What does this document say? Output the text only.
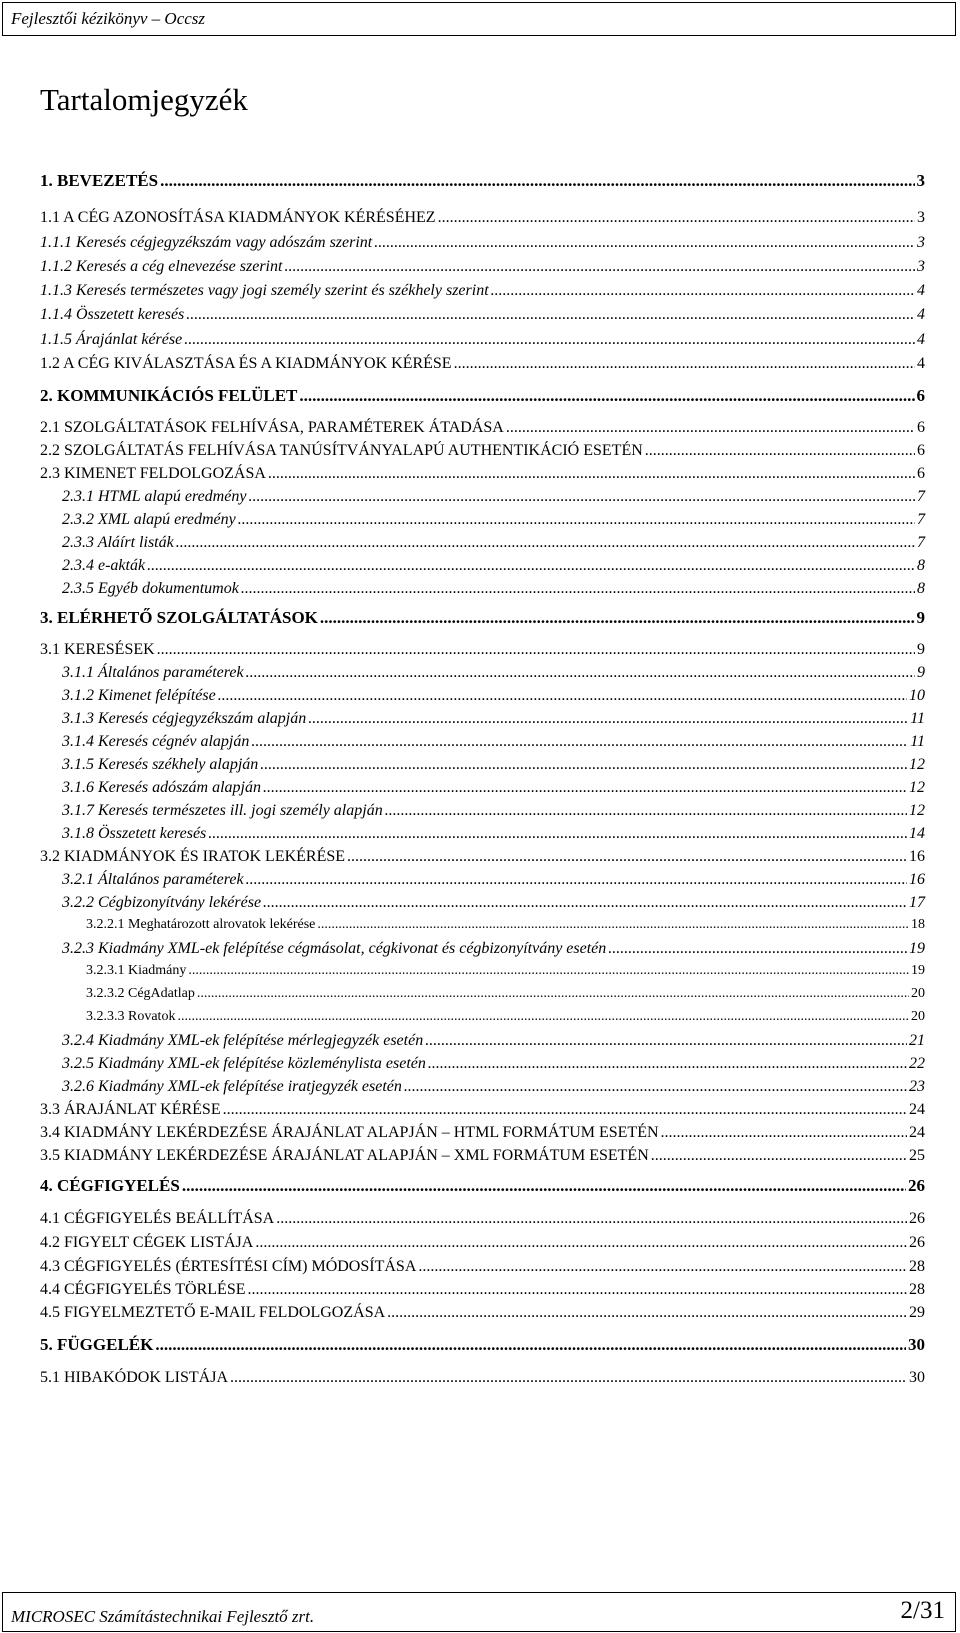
Fejlesztői kézikönyv – Occsz
Tartalomjegyzék
1. BEVEZETÉS .....	3
1.1 A CÉG AZONOSÍTÁSA KIADMÁNYOK KÉRÉSÉHEZ .....	3
1.1.1 Keresés cégjegyzékszám vagy adószám szerint .....	3
1.1.2 Keresés a cég elnevezése szerint .....	3
1.1.3 Keresés természetes vagy jogi személy szerint és székhely szerint .....	4
1.1.4 Összetett keresés .....	4
1.1.5 Árajánlat kérése .....	4
1.2 A CÉG KIVÁLASZTÁSA ÉS A KIADMÁNYOK KÉRÉSE .....	4
2. KOMMUNIKÁCIÓS FELÜLET .....	6
2.1 SZOLGÁLTATÁSOK FELHÍVÁSA, PARAMÉTEREK ÁTADÁSA .....	6
2.2 SZOLGÁLTATÁS FELHÍVÁSA TANÚSÍTVÁNYALAPÚ AUTHENTIKÁCIÓ ESETÉN .....	6
2.3 KIMENET FELDOLGOZÁSA .....	6
2.3.1 HTML alapú eredmény .....	7
2.3.2 XML alapú eredmény .....	7
2.3.3 Aláírt listák .....	7
2.3.4 e-akták .....	8
2.3.5 Egyéb dokumentumok .....	8
3. ELÉRHETŐ SZOLGÁLTATÁSOK .....	9
3.1 KERESÉSEK .....	9
3.1.1 Általános paraméterek .....	9
3.1.2 Kimenet felépítése .....	10
3.1.3 Keresés cégjegyzékszám alapján .....	11
3.1.4 Keresés cégnév alapján .....	11
3.1.5 Keresés székhely alapján .....	12
3.1.6 Keresés adószám alapján .....	12
3.1.7 Keresés természetes ill. jogi személy alapján .....	12
3.1.8 Összetett keresés .....	14
3.2 KIADMÁNYOK ÉS IRATOK LEKÉRÉSE .....	16
3.2.1 Általános paraméterek .....	16
3.2.2 Cégbizonyítvány lekérése .....	17
3.2.2.1 Meghatározott alrovatok lekérése .....	18
3.2.3 Kiadmány XML-ek felépítése cégmásolat, cégkivonat és cégbizonyítvány esetén .....	19
3.2.3.1 Kiadmány .....	19
3.2.3.2 CégAdatlap .....	20
3.2.3.3 Rovatok .....	20
3.2.4 Kiadmány XML-ek felépítése mérlegjegyzék esetén .....	21
3.2.5 Kiadmány XML-ek felépítése közleménylista esetén .....	22
3.2.6 Kiadmány XML-ek felépítése iratjegyzék esetén .....	23
3.3 ÁRAJÁNLAT KÉRÉSE .....	24
3.4 KIADMÁNY LEKÉRDEZÉSE ÁRAJÁNLAT ALAPJÁN – HTML FORMÁTUM ESETÉN .....	24
3.5 KIADMÁNY LEKÉRDEZÉSE ÁRAJÁNLAT ALAPJÁN – XML FORMÁTUM ESETÉN .....	25
4. CÉGFIGYELÉS .....	26
4.1 CÉGFIGYELÉS BEÁLLÍTÁSA .....	26
4.2 FIGYELT CÉGEK LISTÁJA .....	26
4.3 CÉGFIGYELÉS (ÉRTESÍTÉSI CÍM) MÓDOSÍTÁSA .....	28
4.4 CÉGFIGYELÉS TÖRLÉSE .....	28
4.5 FIGYELMEZTETŐ E-MAIL FELDOLGOZÁSA .....	29
5. FÜGGELÉK .....	30
5.1 HIBAKÓDOK LISTÁJA .....	30
MICROSEC Számítástechnikai Fejlesztő zrt.	2/31
